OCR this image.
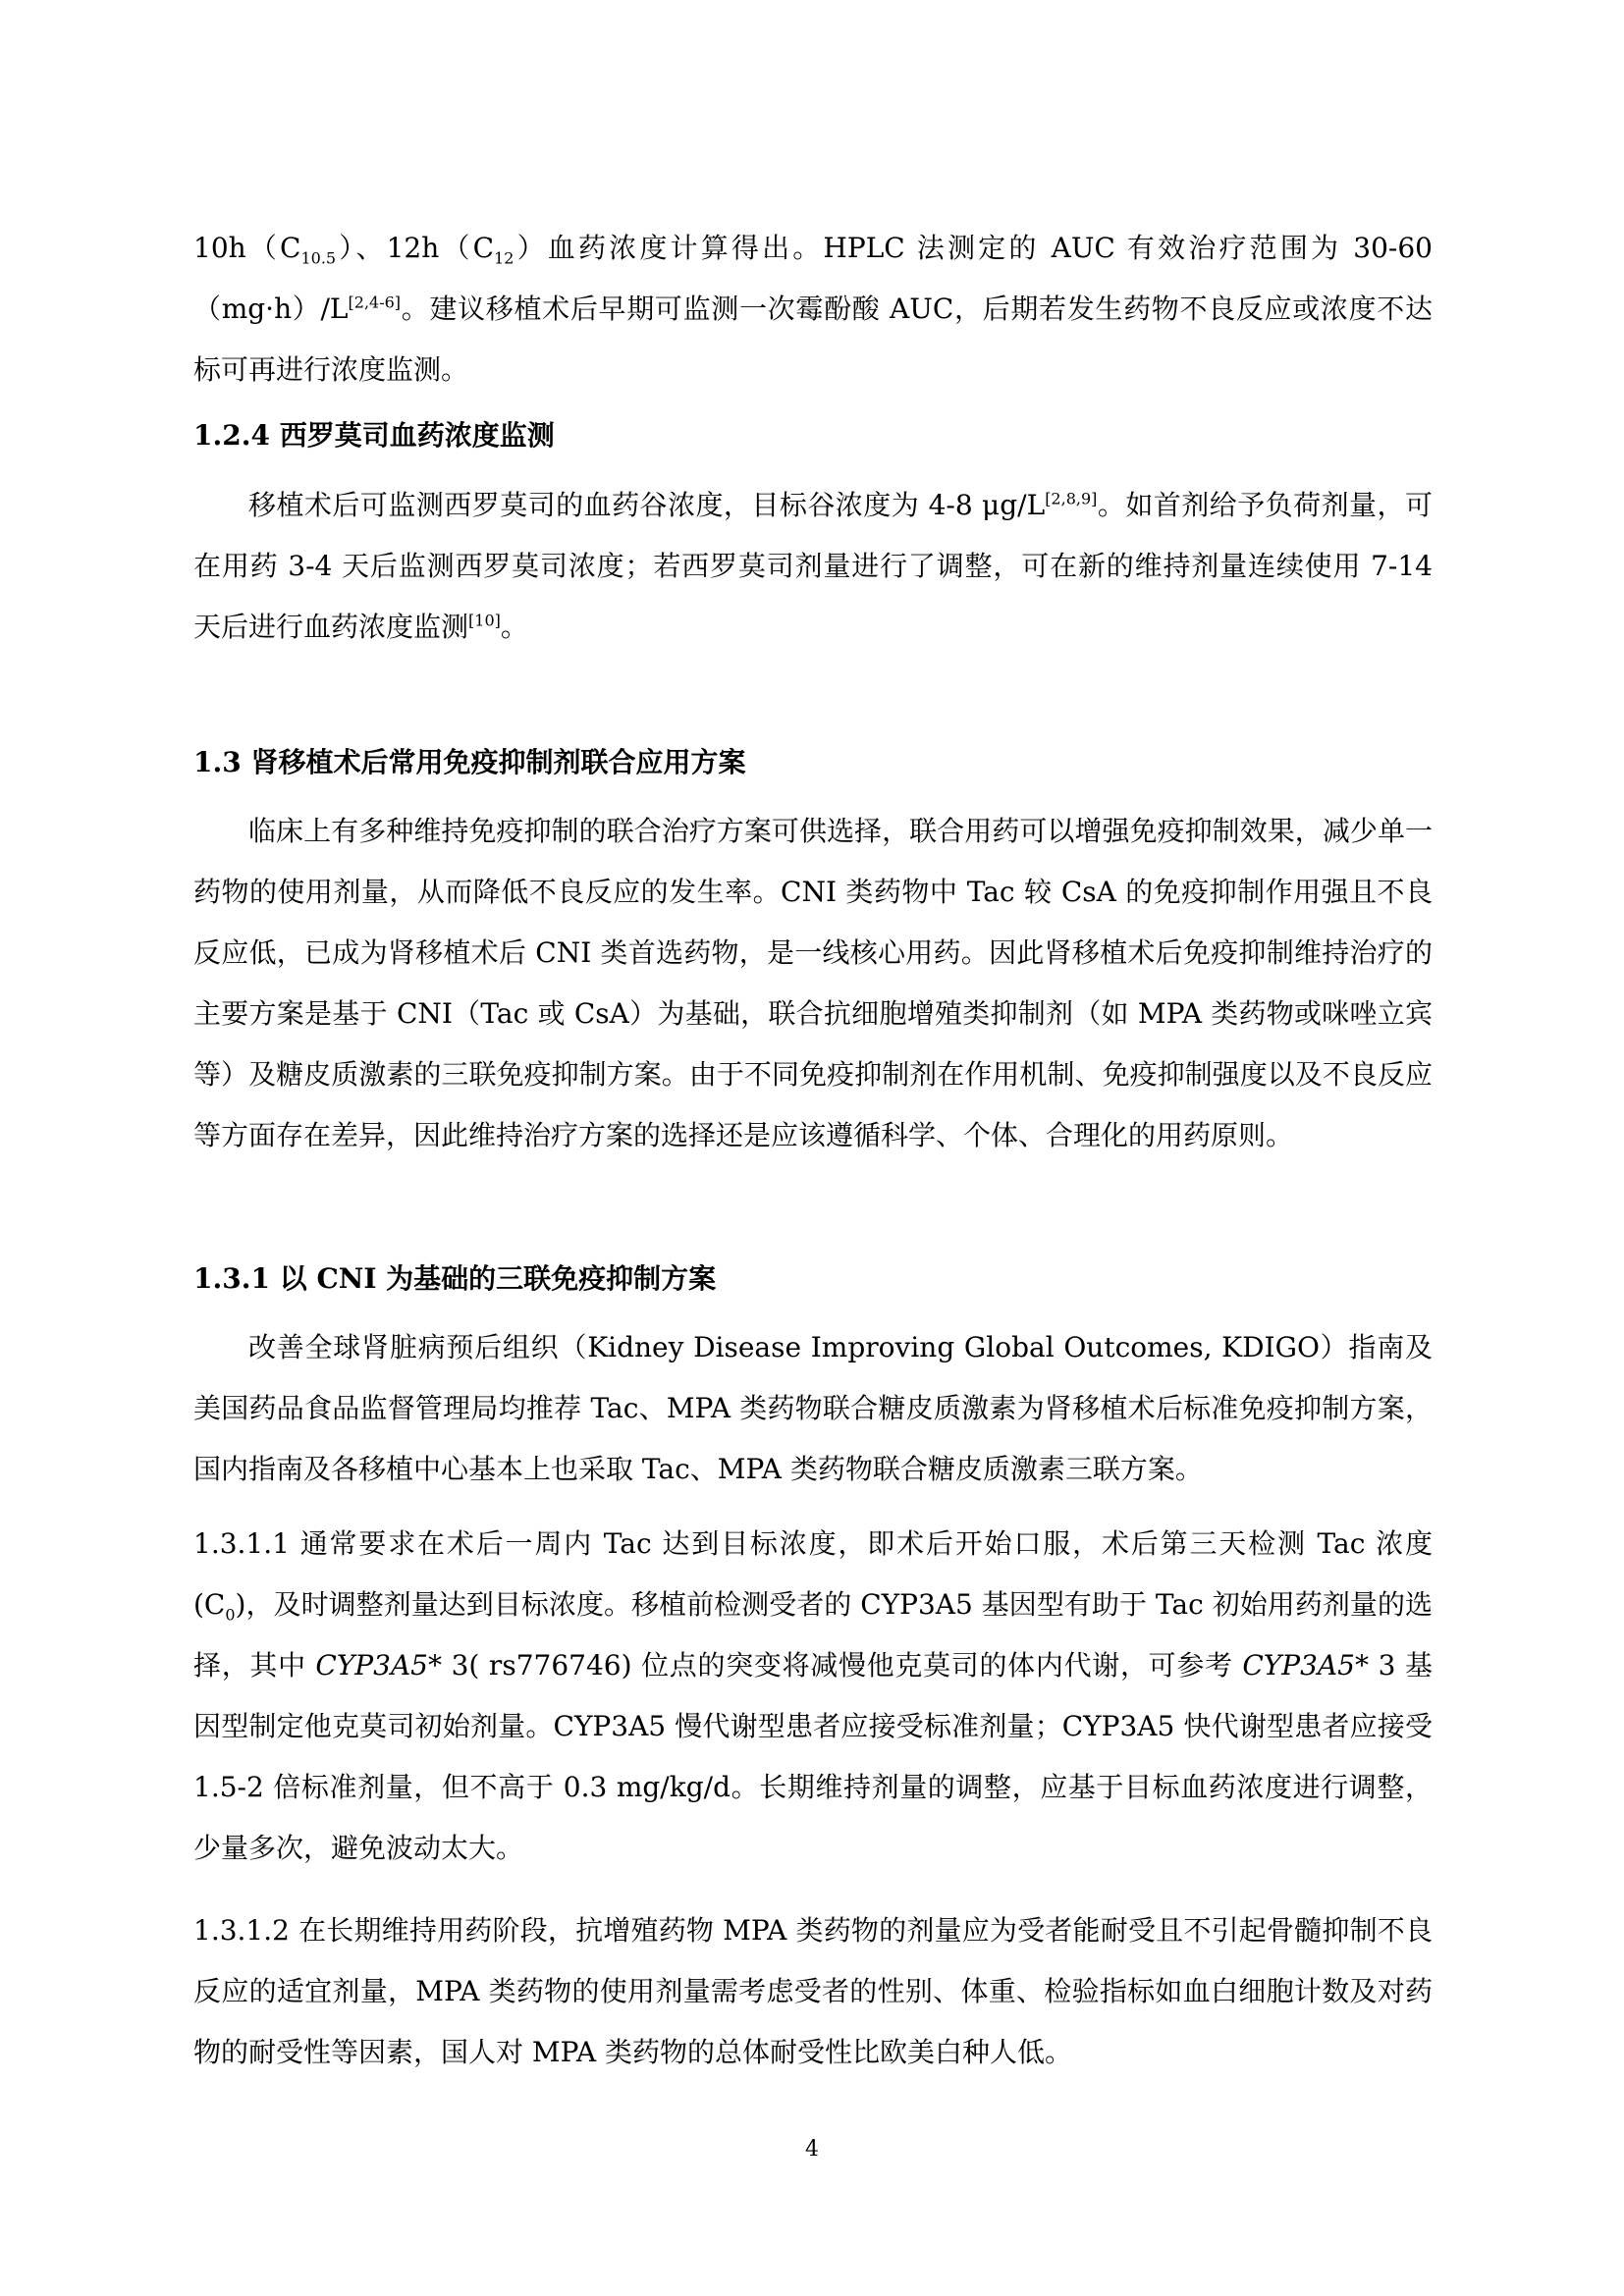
$10h(C_{10.5})$、$12h(C_{12})$血药浓度计算得出。HPLC 法测定的 AUC 有效治疗范围为 30-60（mg·h）/L[2,4-6]。建议移植术后早期可监测一次霉酚酸 AUC，后期若发生药物不良反应或浓度不达标可再进行浓度监测。

1.2.4 西罗莫司血药浓度监测

移植术后可监测西罗莫司的血药谷浓度，目标谷浓度为 4-8 μg/L[2,8,9]。如首剂给予负荷剂量，可在用药 3-4 天后监测西罗莫司浓度；若西罗莫司剂量进行了调整，可在新的维持剂量连续使用 7-14 天后进行血药浓度监测[10]。

1.3 肾移植术后常用免疫抑制剂联合应用方案

临床上有多种维持免疫抑制的联合治疗方案可供选择，联合用药可以增强免疫抑制效果，减少单一药物的使用剂量，从而降低不良反应的发生率。CNI 类药物中 Tac 较 CsA 的免疫抑制作用强且不良反应低，已成为肾移植术后 CNI 类首选药物，是一线核心用药。因此肾移植术后免疫抑制维持治疗的主要方案是基于 CNI（Tac 或 CsA）为基础，联合抗细胞增殖类抑制剂（如 MPA 类药物或咪唑立宾等）及糖皮质激素的三联免疫抑制方案。由于不同免疫抑制剂在作用机制、免疫抑制强度以及不良反应等方面存在差异，因此维持治疗方案的选择还是应该遵循科学、个体、合理化的用药原则。

1.3.1 以 CNI 为基础的三联免疫抑制方案

改善全球肾脏病预后组织（Kidney Disease Improving Global Outcomes, KDIGO）指南及美国药品食品监督管理局均推荐 Tac、MPA 类药物联合糖皮质激素为肾移植术后标准免疫抑制方案，国内指南及各移植中心基本上也采取 Tac、MPA 类药物联合糖皮质激素三联方案。

1.3.1.1 通常要求在术后一周内 Tac 达到目标浓度，即术后开始口服，术后第三天检测 Tac 浓度$(C_0)$，及时调整剂量达到目标浓度。移植前检测受者的 CYP3A5 基因型有助于 Tac 初始用药剂量的选择，其中 CYP3A5* 3( rs776746) 位点的突变将减慢他克莫司的体内代谢，可参考 CYP3A5* 3 基因型制定他克莫司初始剂量。CYP3A5 慢代谢型患者应接受标准剂量；CYP3A5 快代谢型患者应接受 1.5-2 倍标准剂量，但不高于 0.3 mg/kg/d。长期维持剂量的调整，应基于目标血药浓度进行调整，少量多次，避免波动太大。

1.3.1.2 在长期维持用药阶段，抗增殖药物 MPA 类药物的剂量应为受者能耐受且不引起骨髓抑制不良反应的适宜剂量，MPA 类药物的使用剂量需考虑受者的性别、体重、检验指标如血白细胞计数及对药物的耐受性等因素，国人对 MPA 类药物的总体耐受性比欧美白种人低。

4
